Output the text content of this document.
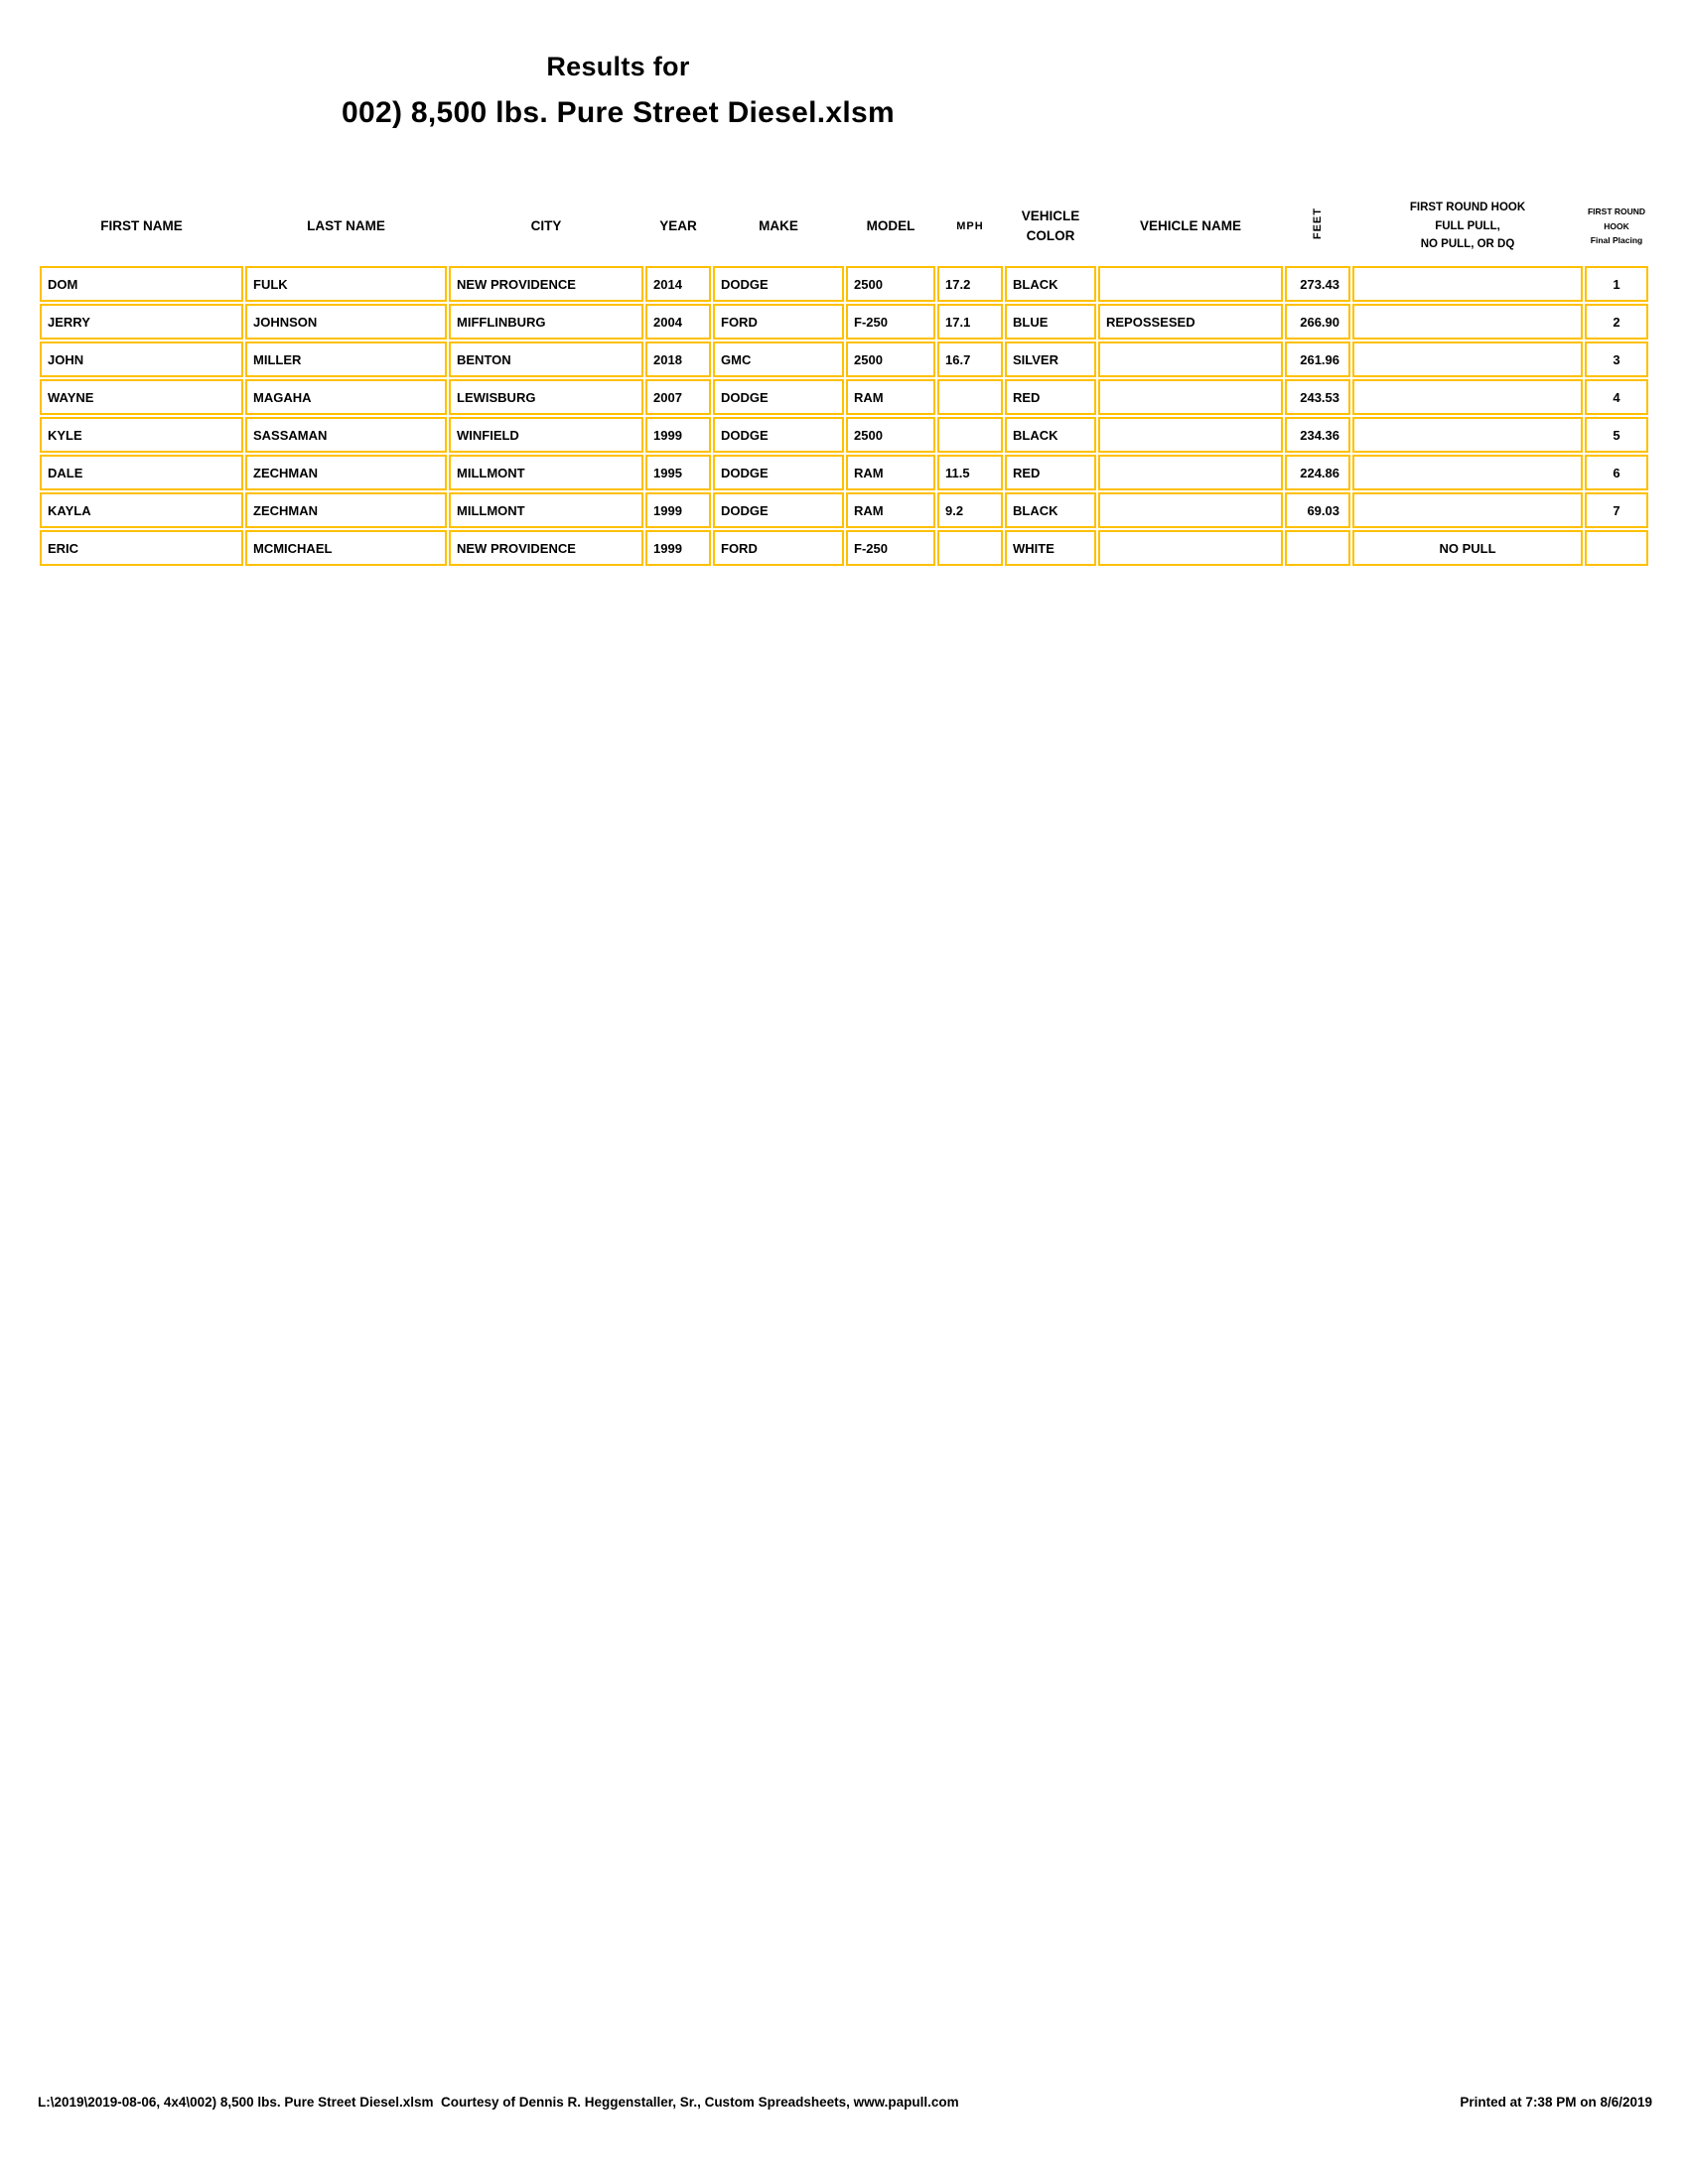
Results for
002) 8,500 lbs. Pure Street Diesel.xlsm
FIRST NAME	LAST NAME	CITY	YEAR	MAKE	MODEL	MPH	VEHICLE COLOR	VEHICLE NAME	FEET	FIRST ROUND HOOK
FULL PULL,
NO PULL, OR DQ	FIRST ROUND
HOOK
Final Placing
DOM	FULK	NEW PROVIDENCE	2014	DODGE	2500	17.2	BLACK		273.43		1
JERRY	JOHNSON	MIFFLINBURG	2004	FORD	F-250	17.1	BLUE	REPOSSESED	266.90		2
JOHN	MILLER	BENTON	2018	GMC	2500	16.7	SILVER		261.96		3
WAYNE	MAGAHA	LEWISBURG	2007	DODGE	RAM		RED		243.53		4
KYLE	SASSAMAN	WINFIELD	1999	DODGE	2500		BLACK		234.36		5
DALE	ZECHMAN	MILLMONT	1995	DODGE	RAM	11.5	RED		224.86		6
KAYLA	ZECHMAN	MILLMONT	1999	DODGE	RAM	9.2	BLACK		69.03		7
ERIC	MCMICHAEL	NEW PROVIDENCE	1999	FORD	F-250		WHITE			NO PULL	
L:\2019\2019-08-06, 4x4\002) 8,500 lbs. Pure Street Diesel.xlsm  Courtesy of Dennis R. Heggenstaller, Sr., Custom Spreadsheets, www.papull.com	Printed at 7:38 PM on 8/6/2019
